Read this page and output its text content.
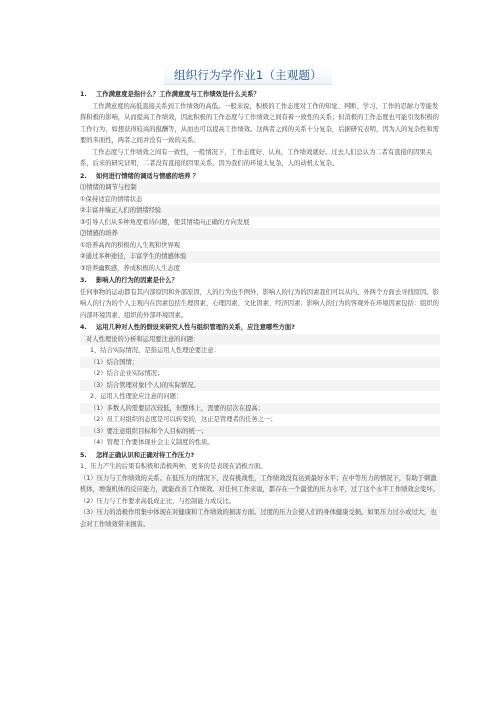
组织行为学作业1（主观题）
1. 工作满意度是指什么？工作满意度与工作绩效是什么关系？

工作满意度的高低直接关系到工作绩效的高低。一般来说，积极的工作态度对工作的知觉、判断、学习、工作的忍耐力等能发挥积极的影响，从而提高工作绩效，因此积极的工作态度与工作绩效之间有着一致性的关系；但消极的工作态度也可能引发积极的工作行为，如想获得较高的报酬等，从而也可以提高工作绩效。这两者之间的关系十分复杂，后据研究表明，因为人的复杂性和需要的多面性，两者之间并没有一致的关系。

工作态度与工作绩效之间有一致性，一般情况下，工作态度好、认真，工作绩效就好。过去人们总认为二者有直接的因果关系，后来的研究证明，二者没有直接的因果关系。因为我们的环境太复杂，人的动机太复杂。

2. 如何进行情绪的调适与情感的培养 ？
⑴情绪的调节与控制
①保持适宜的情绪状态
②丰富并端正人们的情绪经验
③引导人们从多种角度看待问题，使其情绪向正确的方向发展
⑵情感的培养
①培养高尚的积极的人生观和世界观
②通过多种途径，丰富学生的情感体验
③培养幽默感，养成积极的人生态度
3. 影响人的行为的因素是什么？

任何事物的运动都有其内部原因和外部原因，人的行为也不例外，影响人的行为的因素我们可以从内、外两个方面去寻找原因。影响人的行为的个人主观内在因素包括生理因素、心理因素、文化因素、经济因素；影响人的行为的客观外在环境因素包括：组织的内部环境因素、组织的外部环境因素。

4. 运用几种对人性的假设来研究人性与组织管理的关系，应注意哪些方面?
对人性理论的分析和运用要注意的问题：
1、结合实际情况，是指运用人性理论要注意：
（1）结合国情；
（2）结合企业实际情况；
（3）结合管理对象(个人)的实际情况。
2、运用人性理论应注意的问题：
（1）多数人的需要层次较低，但整体上，需要的层次在提高；
（2）员工对组织的态度是可以转变的，这正是管理者的任务之一；
（3）要注意组织目标和个人目标的统一；
（4）管理工作要体现社会主义制度的性质。
5. 怎样正确认识和正确对待工作压力?
1、压力产生的后果有积极和消极两种，更多的是表现在消极方面。

（1）压力与工作绩效的关系。在低压力的情况下，没有挑战性，工作绩效没有达到最好水平；在中等压力的情况下，有助于刺激机体，增强机体的反应能力，就能改善工作绩效。对任何工作来说，都存在一个最优的压力水平，过了这个水平工作绩效会变坏。

（2）压力与工作要求高低成正比，与控制能力成反比。

（3）压力的消极作用集中体现在对健康和工作绩效的损害方面。过度的压力会使人们的身体健康受损。如果压力过小或过大，也会对工作绩效带来损害。
